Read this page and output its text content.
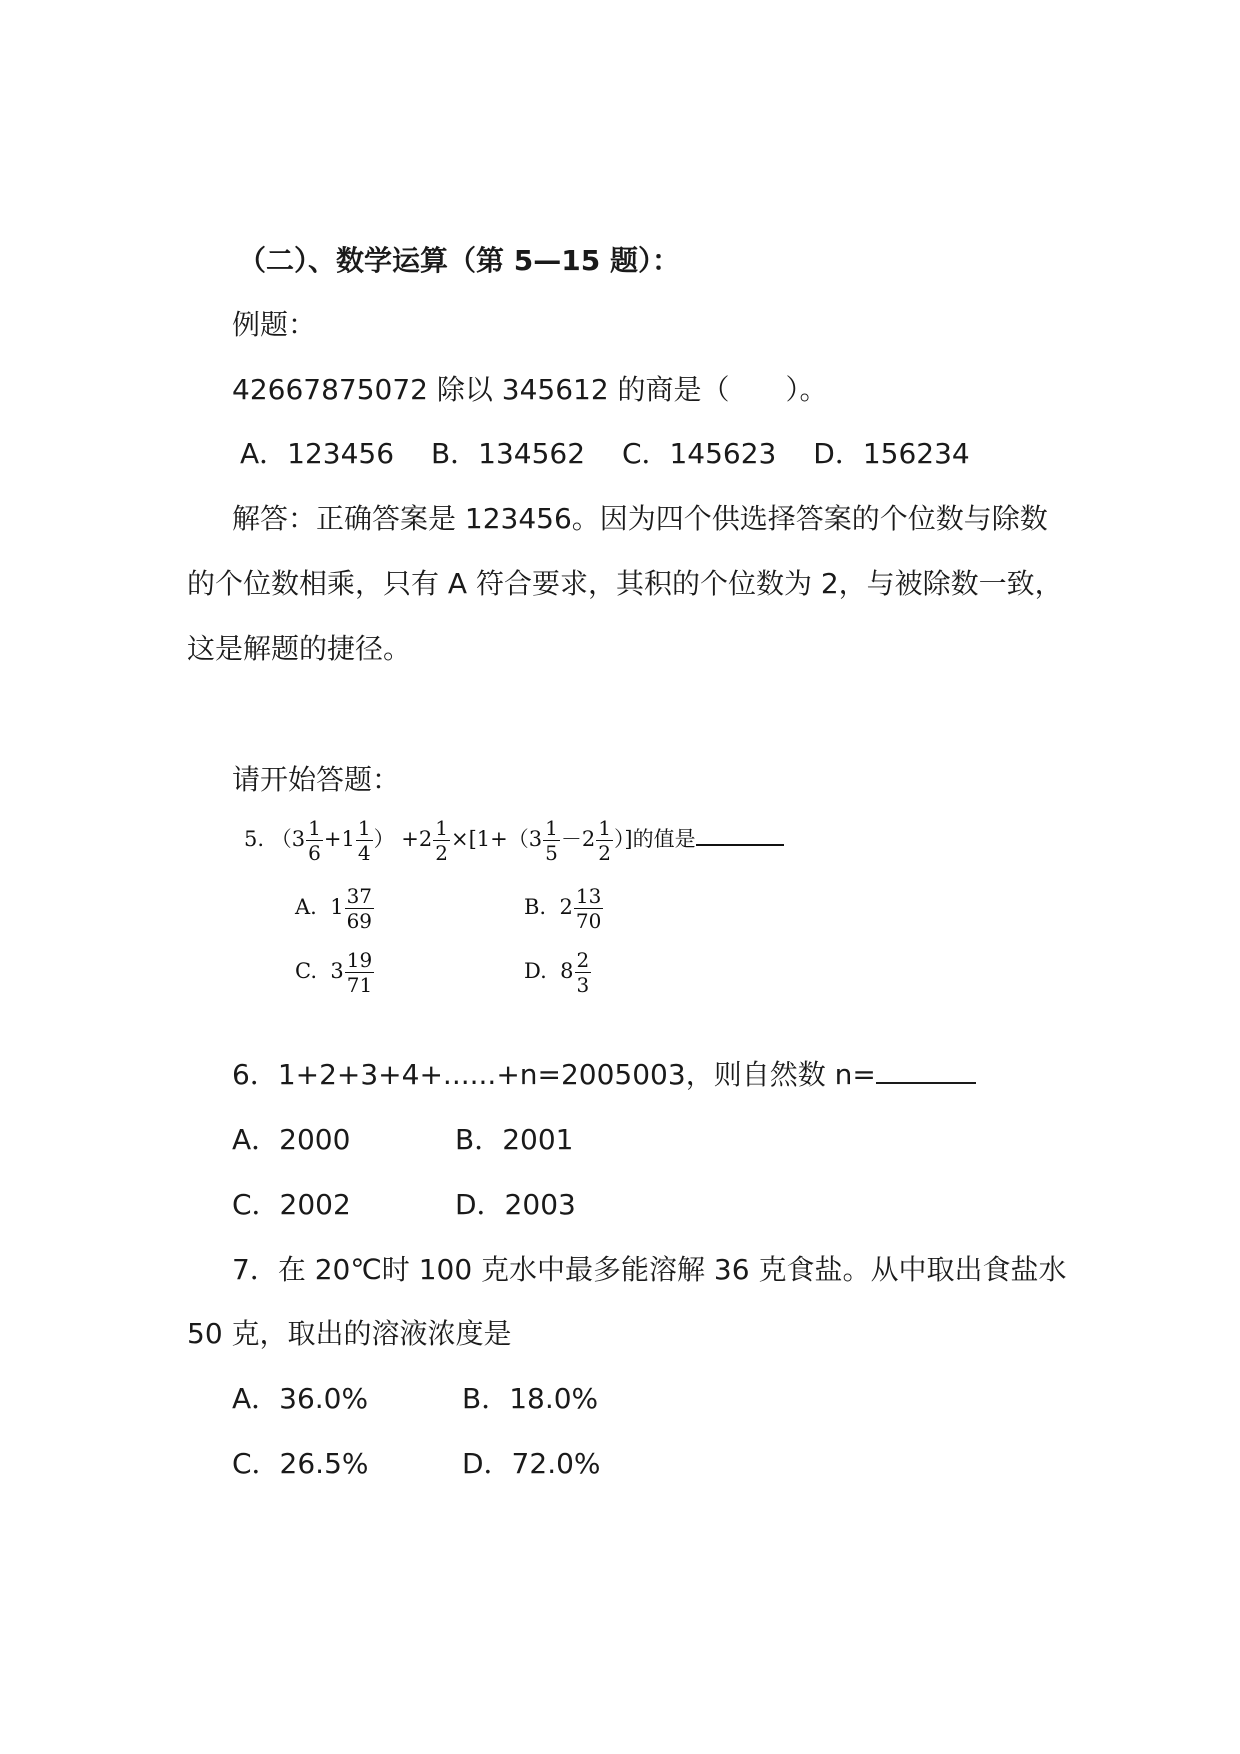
（二）、数学运算（第 5—15 题）：
例题：
42667875072 除以 345612 的商是（　　）。
A．123456　 B．134562　 C．145623　 D．156234
解答：正确答案是 123456。因为四个供选择答案的个位数与除数
的个位数相乘，只有 A 符合要求，其积的个位数为 2，与被除数一致，
这是解题的捷径。
请开始答题：
5. （$3 \frac{1}{6} +1 \frac{1}{4}$ ） $+2 \frac{1}{2} \times[1+(3 \frac{1}{5} -2 \frac{1}{2}$ ）]的值是
A. $1 \frac{37}{69}$	B. $2 \frac{13}{70}$
C. $3 \frac{19}{71}$	D. $8 \frac{2}{3}$
6．1+2+3+4+......+n=2005003，则自然数 n=
A．2000	B．2001
C．2002	D．2003
7．在 20℃时 100 克水中最多能溶解 36 克食盐。从中取出食盐水
50 克，取出的溶液浓度是
A．36.0%	B．18.0%
C．26.5%	D．72.0%
